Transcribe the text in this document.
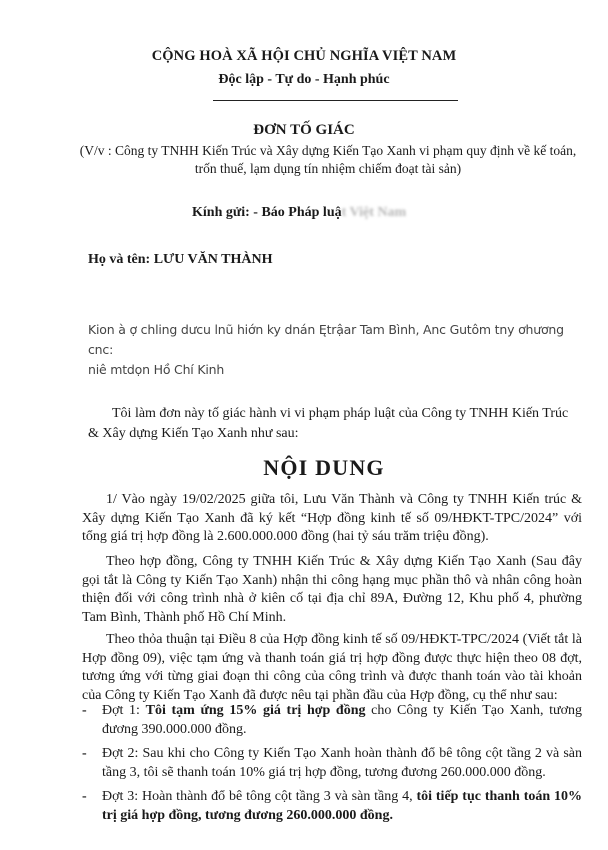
CỘNG HOÀ XÃ HỘI CHỦ NGHĨA VIỆT NAM
Độc lập - Tự do - Hạnh phúc
ĐƠN TỐ GIÁC
(V/v : Công ty TNHH Kiến Trúc và Xây dựng Kiến Tạo Xanh vi phạm quy định về kế toán, trốn thuế, lạm dụng tín nhiệm chiếm đoạt tài sản)
Kính gửi: - Báo Pháp luật Việt Nam
Họ và tên: LƯU VĂN THÀNH
Kion à ợ chling dưcu lnũ hiớn ky dnán Ętrậar Tam Bình, Anc Gutôm tny ơhương cnc:
niê mtdọn Hồ Chí Kinh
Tôi làm đơn này tố giác hành vi vi phạm pháp luật của Công ty TNHH Kiến Trúc & Xây dựng Kiến Tạo Xanh như sau:
NỘI DUNG
1/ Vào ngày 19/02/2025 giữa tôi, Lưu Văn Thành và Công ty TNHH Kiến trúc & Xây dựng Kiến Tạo Xanh đã ký kết “Hợp đồng kinh tế số 09/HĐKT-TPC/2024” với tổng giá trị hợp đồng là 2.600.000.000 đồng (hai tỷ sáu trăm triệu đồng).
Theo hợp đồng, Công ty TNHH Kiến Trúc & Xây dựng Kiến Tạo Xanh (Sau đây gọi tắt là Công ty Kiến Tạo Xanh) nhận thi công hạng mục phần thô và nhân công hoàn thiện đối với công trình nhà ở kiên cố tại địa chỉ 89A, Đường 12, Khu phố 4, phường Tam Bình, Thành phố Hồ Chí Minh.
Theo thỏa thuận tại Điều 8 của Hợp đồng kinh tế số 09/HĐKT-TPC/2024 (Viết tắt là Hợp đồng 09), việc tạm ứng và thanh toán giá trị hợp đồng được thực hiện theo 08 đợt, tương ứng với từng giai đoạn thi công của công trình và được thanh toán vào tài khoản của Công ty Kiến Tạo Xanh đã được nêu tại phần đầu của Hợp đồng, cụ thể như sau:
- Đợt 1: Tôi tạm ứng 15% giá trị hợp đồng cho Công ty Kiến Tạo Xanh, tương đương 390.000.000 đồng.
- Đợt 2: Sau khi cho Công ty Kiến Tạo Xanh hoàn thành đổ bê tông cột tầng 2 và sàn tầng 3, tôi sẽ thanh toán 10% giá trị hợp đồng, tương đương 260.000.000 đồng.
- Đợt 3: Hoàn thành đổ bê tông cột tầng 3 và sàn tầng 4, tôi tiếp tục thanh toán 10% trị giá hợp đồng, tương đương 260.000.000 đồng.
